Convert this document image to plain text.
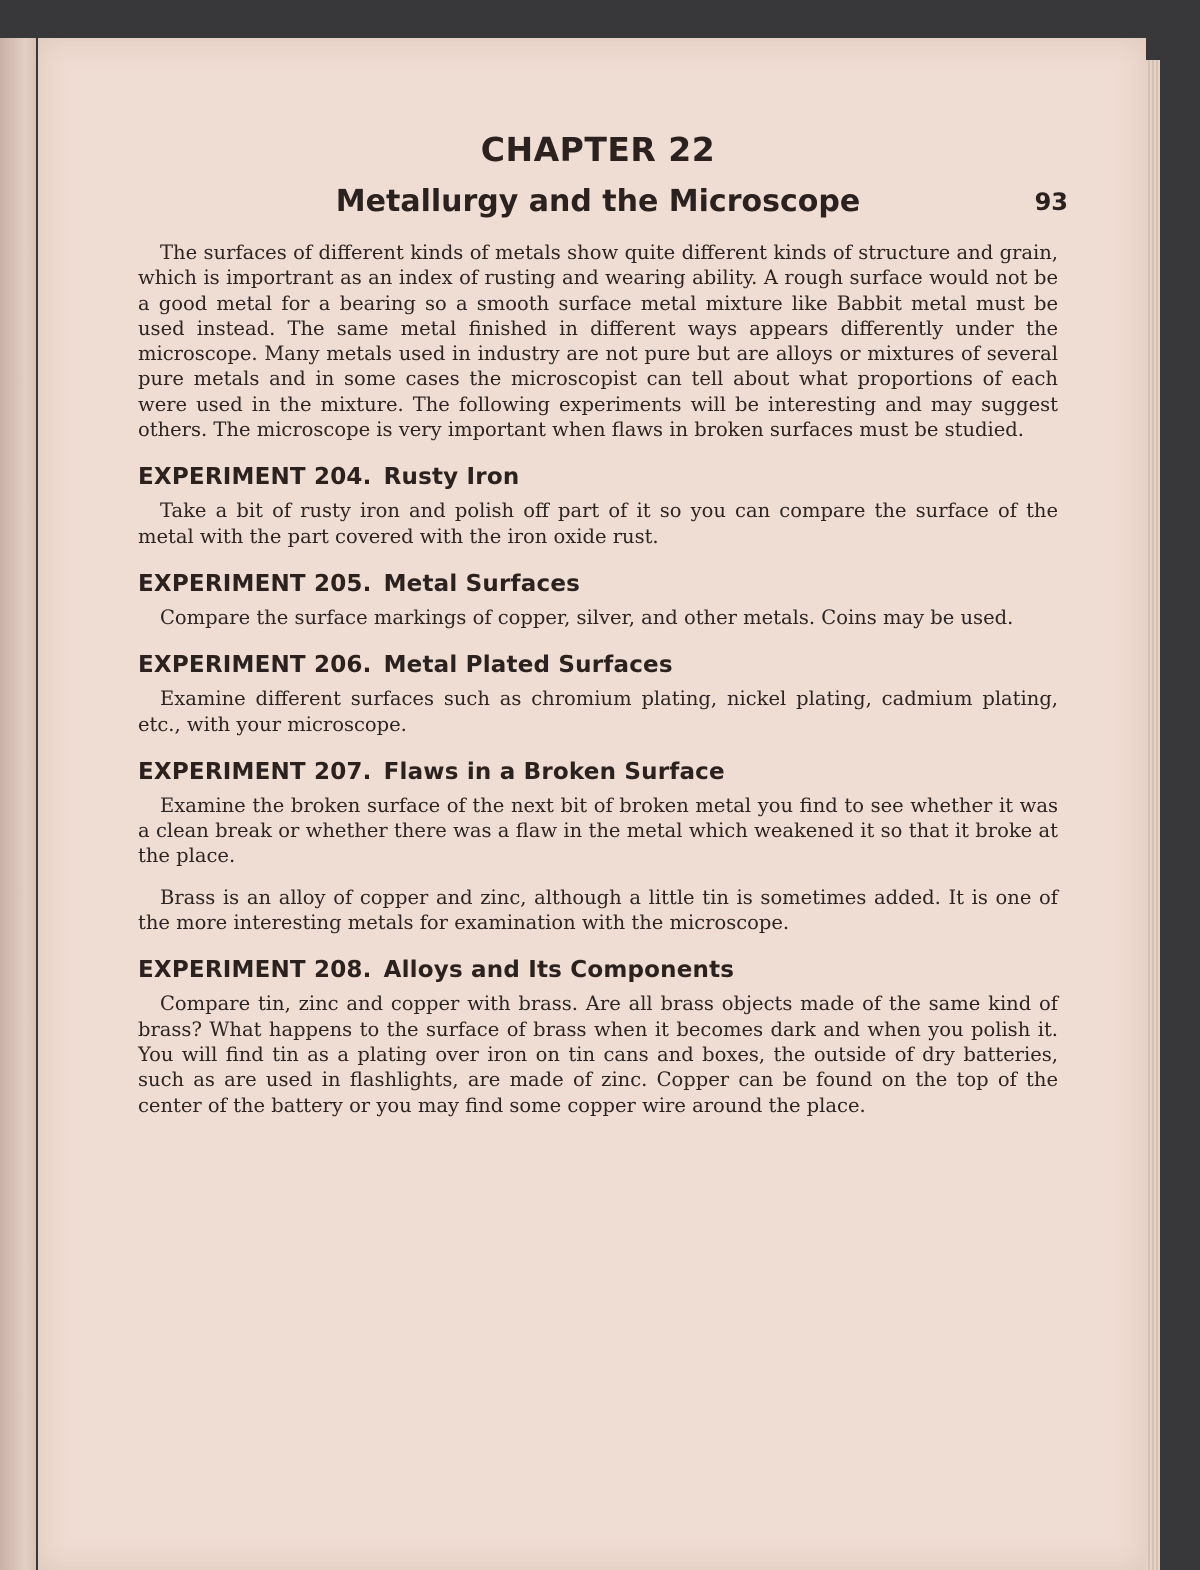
CHAPTER 22
Metallurgy and the Microscope	93

The surfaces of different kinds of metals show quite different kinds of structure and grain, which is importrant as an index of rusting and wearing ability. A rough surface would not be a good metal for a bearing so a smooth surface metal mixture like Babbit metal must be used instead. The same metal finished in different ways appears differently under the microscope. Many metals used in industry are not pure but are alloys or mixtures of several pure metals and in some cases the microscopist can tell about what proportions of each were used in the mixture. The following experiments will be interesting and may suggest others. The microscope is very important when flaws in broken surfaces must be studied.

EXPERIMENT 204. Rusty Iron

Take a bit of rusty iron and polish off part of it so you can compare the surface of the metal with the part covered with the iron oxide rust.

EXPERIMENT 205. Metal Surfaces

Compare the surface markings of copper, silver, and other metals. Coins may be used.

EXPERIMENT 206. Metal Plated Surfaces

Examine different surfaces such as chromium plating, nickel plating, cadmium plating, etc., with your microscope.

EXPERIMENT 207. Flaws in a Broken Surface

Examine the broken surface of the next bit of broken metal you find to see whether it was a clean break or whether there was a flaw in the metal which weakened it so that it broke at the place.

Brass is an alloy of copper and zinc, although a little tin is sometimes added. It is one of the more interesting metals for examination with the microscope.

EXPERIMENT 208. Alloys and Its Components

Compare tin, zinc and copper with brass. Are all brass objects made of the same kind of brass? What happens to the surface of brass when it becomes dark and when you polish it. You will find tin as a plating over iron on tin cans and boxes, the outside of dry batteries, such as are used in flashlights, are made of zinc. Copper can be found on the top of the center of the battery or you may find some copper wire around the place.
